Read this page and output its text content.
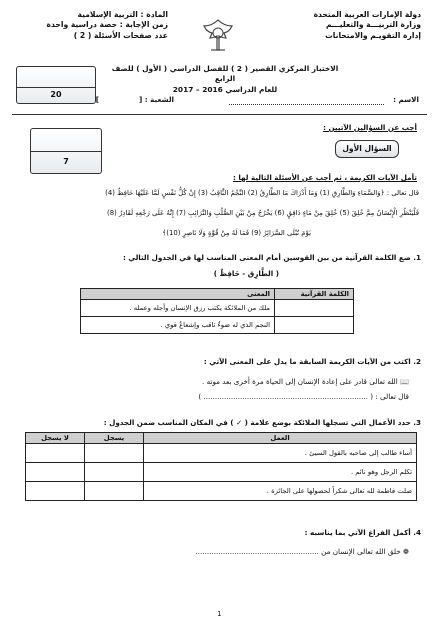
دولة الإمارات العربية المتحدة
وزارة التربيـــة والتعليـــم
إدارة التقويـم والامتحانات
المادة : التربية الإسلامية
زمن الإجابة : حصة دراسية واحدة
عدد صفحات الأسئلة ( 2 )
الاختبار المركزي القصير ( 2 ) للفصل الدراسي ( الأول ) للصف الرابع
للعام الدراسي 2016 – 2017
20
الاسم :
الشعبة : [
]
أجب عن السؤالين الآتيين :
السؤال الأول
7
تأمل الآيات الكريمة ، ثم أجب عن الأسئلة التالية لها :
قال تعالى : ﴿وَالسَّمَاءِ وَالطَّارِقِ (1) وَمَا أَدْرَاكَ مَا الطَّارِقُ (2) النَّجْمُ الثَّاقِبُ (3) إِنْ كُلُّ نَفْسٍ لَمَّا عَلَيْهَا حَافِظٌ (4)
فَلْيَنْظُرِ الْإِنْسَانُ مِمَّ خُلِقَ (5) خُلِقَ مِنْ مَاءٍ دَافِقٍ (6) يَخْرُجُ مِنْ بَيْنِ الصُّلْبِ وَالتَّرَائِبِ (7) إِنَّهُ عَلَى رَجْعِهِ لَقَادِرٌ (8)
يَوْمَ تُبْلَى السَّرَائِرُ (9) فَمَا لَهُ مِنْ قُوَّةٍ وَلَا نَاصِرٍ (10)﴾
1. ضع الكلمة القرآنية من بين القوسين أمام المعنى المناسب لها في الجدول التالي :
( الطَّارِق - حَافِظٌ )
الكلمة القرآنية	المعنى
	ملك من الملائكة يكتب رزق الإنسان وأجله وعمله .
	النجم الذي له ضوءٌ ثاقب وإشعاعٌ قوي .
2. اكتب من الآيات الكريمة السابقة ما يدل على المعنى الآتي :
📖 الله تعالى قادر على إعادة الإنسان إلى الحياة مرة أخرى بعد موته .
قال تعالى : ( ........................................................................ )
3. حدد الأعمال التي تسجلها الملائكة بوضع علامة ( ✓ ) في المكان المناسب ضمن الجدول :
العمل	يسجل	لا يسجل
أساء طالب إلى صاحبه بالقول السيئ .		
تكلم الرجل وهو نائم .		
صلت فاطمة لله تعالى شكراً لحصولها على الجائزة .		
4. أكمل الفراغ الآتي بما يناسبه :
❁ خلق الله تعالى الإنسان من ......................................................
1
